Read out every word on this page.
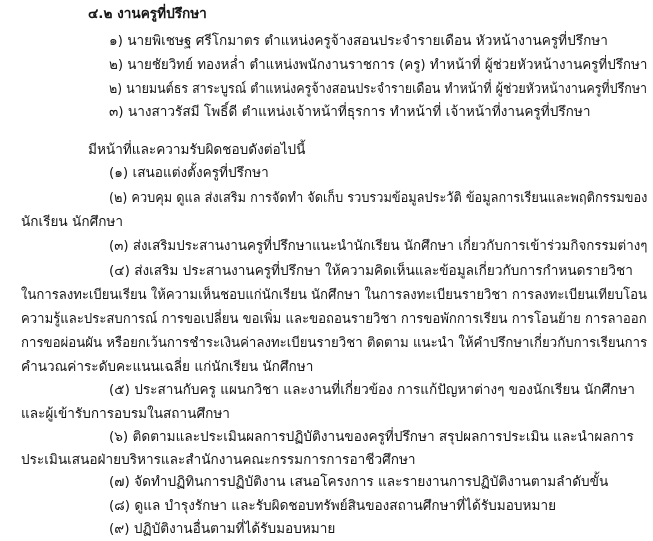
๔.๒ งานครูที่ปรึกษา
๑) นายพิเชษฐ ศรีโกมาตร ตำแหน่งครูจ้างสอนประจำรายเดือน หัวหน้างานครูที่ปรึกษา
๒) นายชัยวิทย์ ทองหล่ำ ตำแหน่งพนักงานราชการ (ครู) ทำหน้าที่ ผู้ช่วยหัวหน้างานครูที่ปรึกษา
๒) นายมนต์ธร สาระบูรณ์ ตำแหน่งครูจ้างสอนประจำรายเดือน ทำหน้าที่ ผู้ช่วยหัวหน้างานครูที่ปรึกษา
๓) นางสาวรัสมี โพธิ์ดี ตำแหน่งเจ้าหน้าที่ธุรการ ทำหน้าที่ เจ้าหน้าที่งานครูที่ปรึกษา
มีหน้าที่และความรับผิดชอบดังต่อไปนี้
(๑) เสนอแต่งตั้งครูที่ปรึกษา
(๒) ควบคุม ดูแล ส่งเสริม การจัดทำ จัดเก็บ รวบรวมข้อมูลประวัติ ข้อมูลการเรียนและพฤติกรรมของ
นักเรียน นักศึกษา
(๓) ส่งเสริมประสานงานครูที่ปรึกษาแนะนำนักเรียน นักศึกษา เกี่ยวกับการเข้าร่วมกิจกรรมต่างๆ
(๔) ส่งเสริม ประสานงานครูที่ปรึกษา ให้ความคิดเห็นและข้อมูลเกี่ยวกับการกำหนดรายวิชา
ในการลงทะเบียนเรียน ให้ความเห็นชอบแก่นักเรียน นักศึกษา ในการลงทะเบียนรายวิชา การลงทะเบียนเทียบโอน
ความรู้และประสบการณ์ การขอเปลี่ยน ขอเพิ่ม และขอถอนรายวิชา การขอพักการเรียน การโอนย้าย การลาออก
การขอผ่อนผัน หรือยกเว้นการชำระเงินค่าลงทะเบียนรายวิชา ติดตาม แนะนำ ให้คำปรึกษาเกี่ยวกับการเรียนการ
คำนวณค่าระดับคะแนนเฉลี่ย แก่นักเรียน นักศึกษา
(๕) ประสานกับครู แผนกวิชา และงานที่เกี่ยวข้อง การแก้ปัญหาต่างๆ ของนักเรียน นักศึกษา
และผู้เข้ารับการอบรมในสถานศึกษา
(๖) ติดตามและประเมินผลการปฏิบัติงานของครูที่ปรึกษา สรุปผลการประเมิน และนำผลการ
ประเมินเสนอฝ่ายบริหารและสำนักงานคณะกรรมการการอาชีวศึกษา
(๗) จัดทำปฏิทินการปฏิบัติงาน เสนอโครงการ และรายงานการปฏิบัติงานตามลำดับขั้น
(๘) ดูแล บำรุงรักษา และรับผิดชอบทรัพย์สินของสถานศึกษาที่ได้รับมอบหมาย
(๙) ปฏิบัติงานอื่นตามที่ได้รับมอบหมาย
